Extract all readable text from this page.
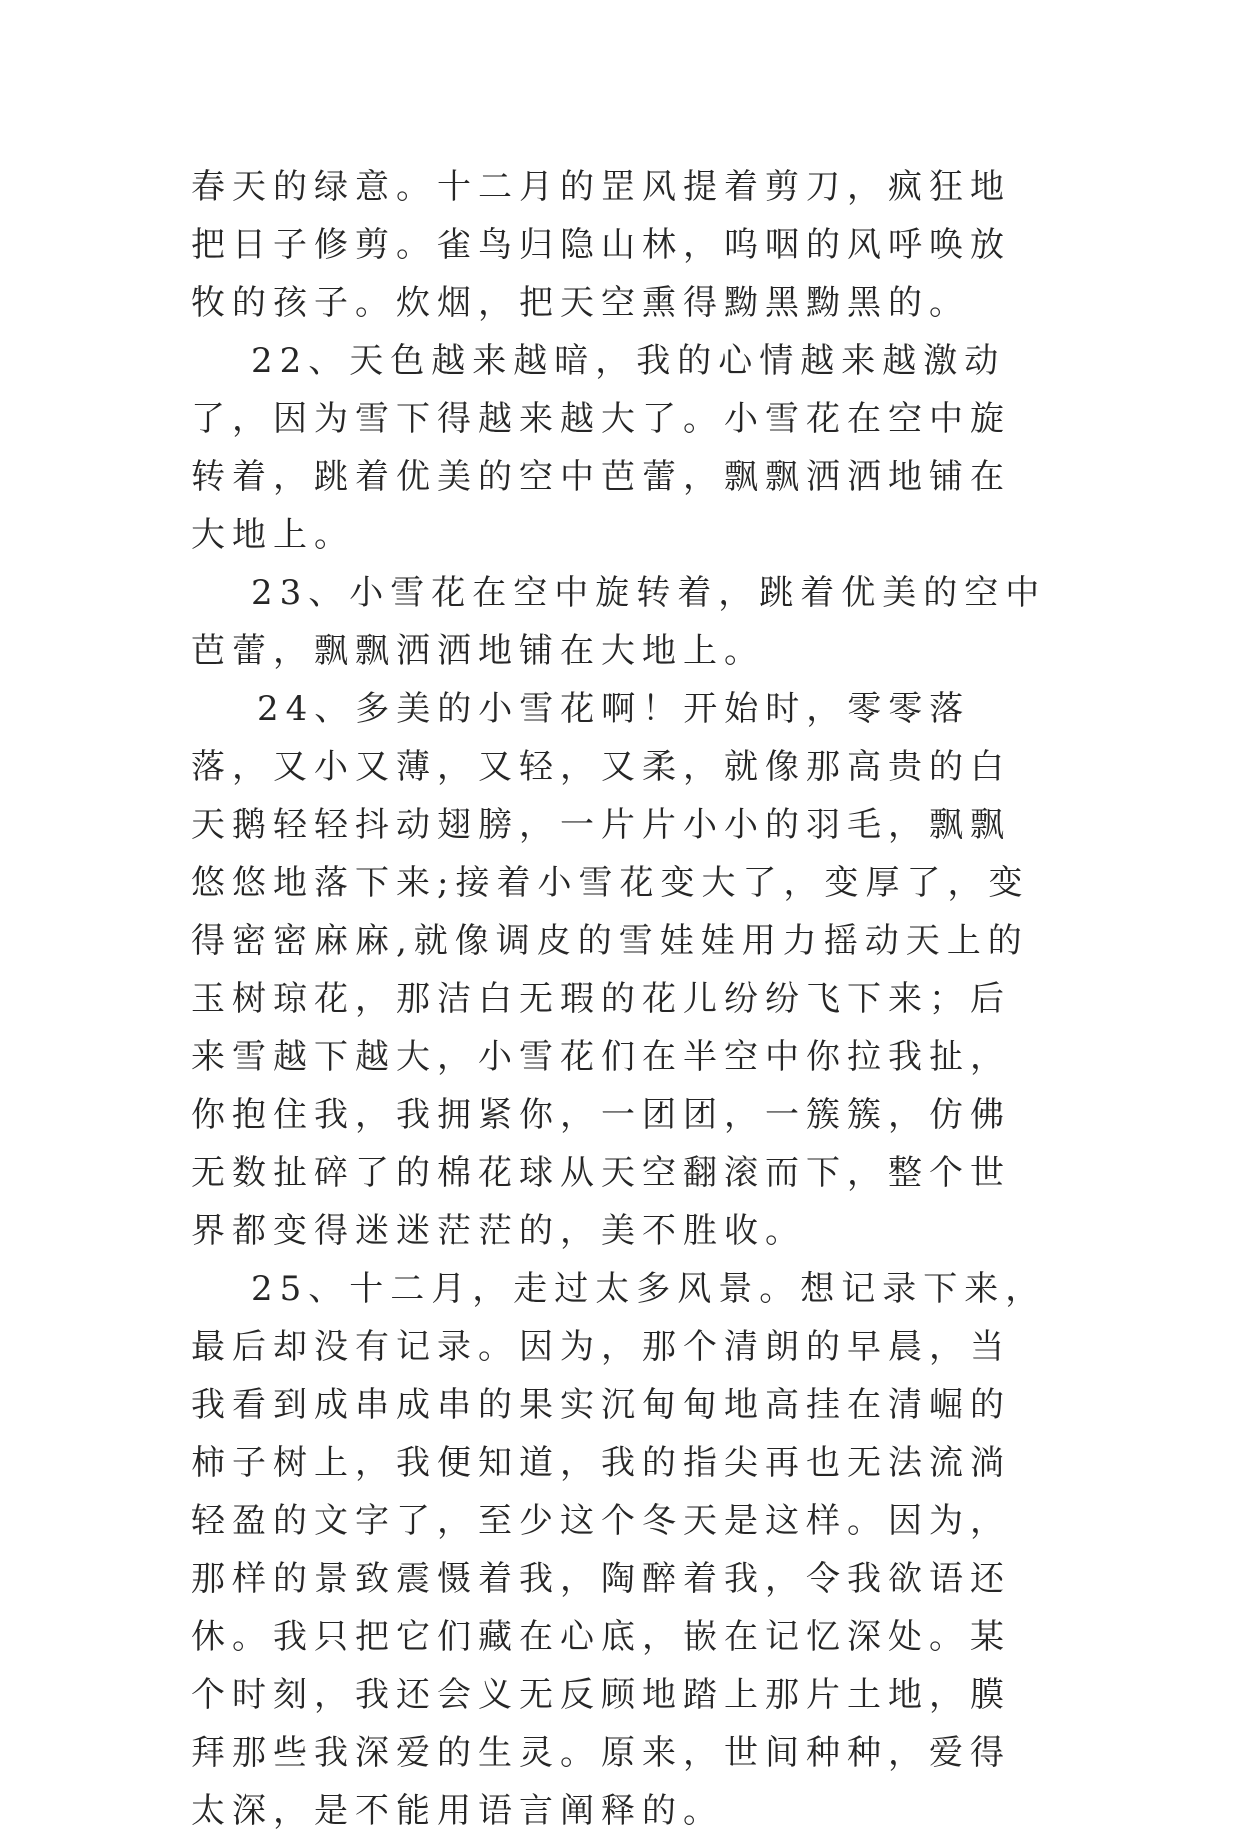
春天的绿意。十二月的罡风提着剪刀，疯狂地把日子修剪。雀鸟归隐山林，呜咽的风呼唤放牧的孩子。炊烟，把天空熏得黝黑黝黑的。

22、天色越来越暗，我的心情越来越激动了，因为雪下得越来越大了。小雪花在空中旋转着，跳着优美的空中芭蕾，飘飘洒洒地铺在大地上。

23、小雪花在空中旋转着，跳着优美的空中芭蕾，飘飘洒洒地铺在大地上。

24、多美的小雪花啊！开始时，零零落落，又小又薄，又轻，又柔，就像那高贵的白天鹅轻轻抖动翅膀，一片片小小的羽毛，飘飘悠悠地落下来;接着小雪花变大了，变厚了，变得密密麻麻,就像调皮的雪娃娃用力摇动天上的玉树琼花，那洁白无瑕的花儿纷纷飞下来；后来雪越下越大，小雪花们在半空中你拉我扯，你抱住我，我拥紧你，一团团，一簇簇，仿佛无数扯碎了的棉花球从天空翻滚而下，整个世界都变得迷迷茫茫的，美不胜收。

25、十二月，走过太多风景。想记录下来，最后却没有记录。因为，那个清朗的早晨，当我看到成串成串的果实沉甸甸地高挂在清崛的柿子树上，我便知道，我的指尖再也无法流淌轻盈的文字了，至少这个冬天是这样。因为，那样的景致震慑着我，陶醉着我，令我欲语还休。我只把它们藏在心底，嵌在记忆深处。某个时刻，我还会义无反顾地踏上那片土地，膜拜那些我深爱的生灵。原来，世间种种，爱得太深，是不能用语言阐释的。
